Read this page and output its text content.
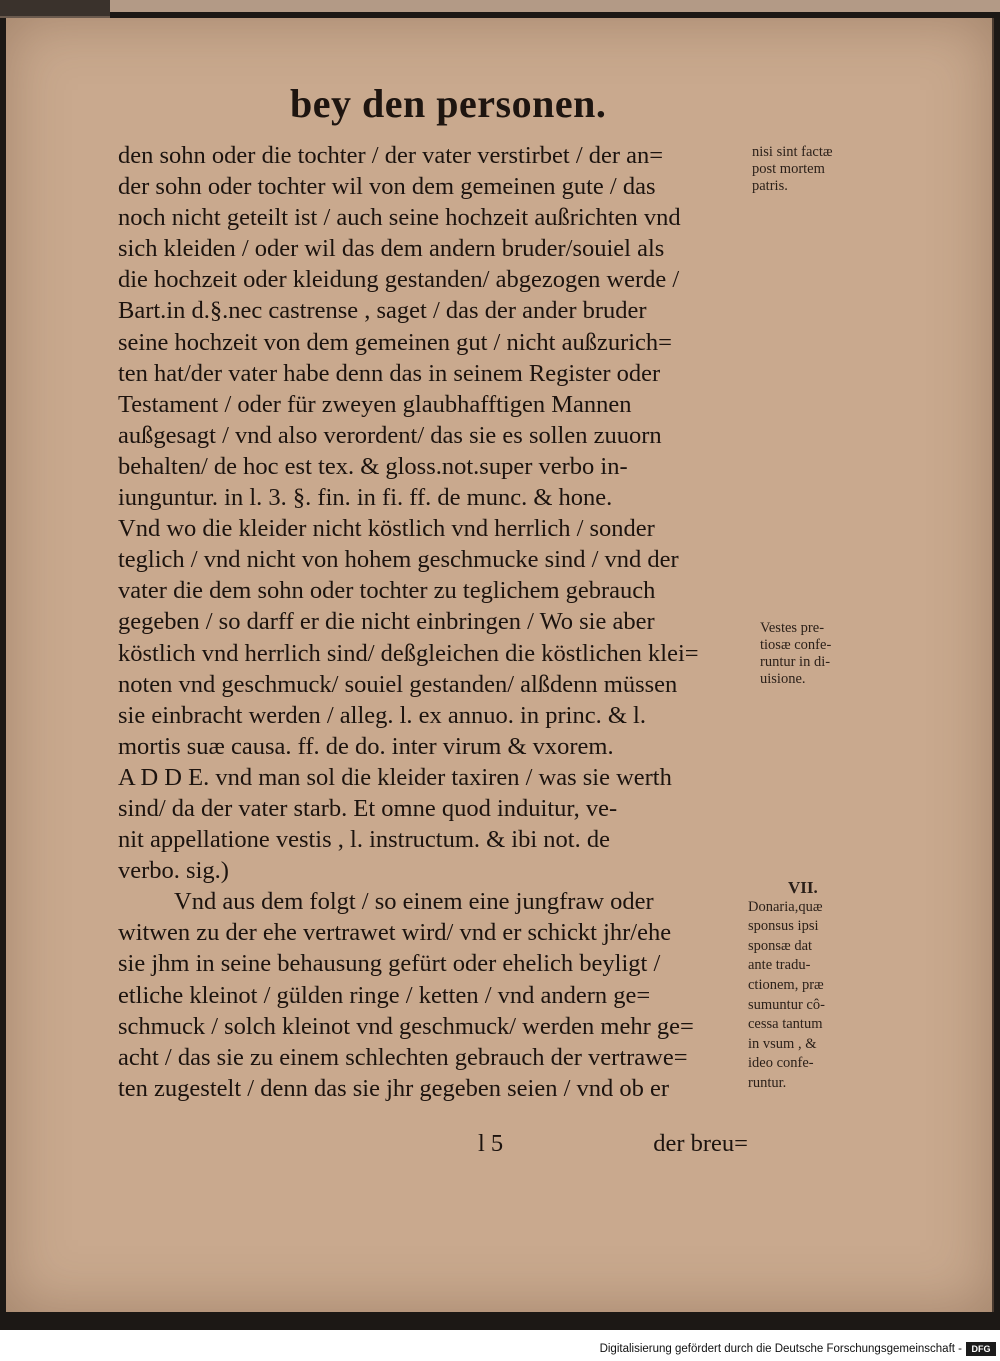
bey den personen.
den sohn oder die tochter / der vater verstirbet / der an=
der sohn oder tochter wil von dem gemeinen gute / das
noch nicht geteilt ist / auch seine hochzeit außrichten vnd
sich kleiden / oder wil das dem andern bruder/souiel als
die hochzeit oder kleidung gestanden/ abgezogen werde /
Bart.in d.§.nec castrense , saget / das der ander bruder
seine hochzeit von dem gemeinen gut / nicht außzurich=
ten hat/der vater habe denn das in seinem Register oder
Testament / oder für zweyen glaubhafftigen Mannen
außgesagt / vnd also verordent/ das sie es sollen zuuorn
behalten/ de hoc est tex. & gloss.not.super verbo in-
iunguntur. in l. 3. §. fin. in fi. ff. de munc. & hone.
Vnd wo die kleider nicht köstlich vnd herrlich / sonder
teglich / vnd nicht von hohem geschmucke sind / vnd der
vater die dem sohn oder tochter zu teglichem gebrauch
gegeben / so darff er die nicht einbringen / Wo sie aber
köstlich vnd herrlich sind/ deßgleichen die köstlichen klei=
noten vnd geschmuck/ souiel gestanden/ alßdenn müssen
sie einbracht werden / alleg. l. ex annuo. in princ. & l.
mortis suæ causa. ff. de do. inter virum & vxorem.
A D D E. vnd man sol die kleider taxiren / was sie werth
sind/ da der vater starb. Et omne quod induitur, ve-
nit appellatione vestis , l. instructum. & ibi not. de
verbo. sig.)
Vnd aus dem folgt / so einem eine jungfraw oder
witwen zu der ehe vertrawet wird/ vnd er schickt jhr/ehe
sie jhm in seine behausung gefürt oder ehelich beyligt /
etliche kleinot / gülden ringe / ketten / vnd andern ge=
schmuck / solch kleinot vnd geschmuck/ werden mehr ge=
acht / das sie zu einem schlechten gebrauch der vertrawe=
ten zugestelt / denn das sie jhr gegeben seien / vnd ob er
nisi sint factæ
post mortem
patris.
Vestes pre-
tiosæ confe-
runtur in di-
uisione.
VII.
Donaria,quæ
sponsus ipsi
sponsæ dat
ante tradu-
ctionem, præ
sumuntur cô-
cessa tantum
in vsum , &
ideo confe-
runtur.
l 5	der breu=
Digitalisierung gefördert durch die Deutsche Forschungsgemeinschaft -	DFG
